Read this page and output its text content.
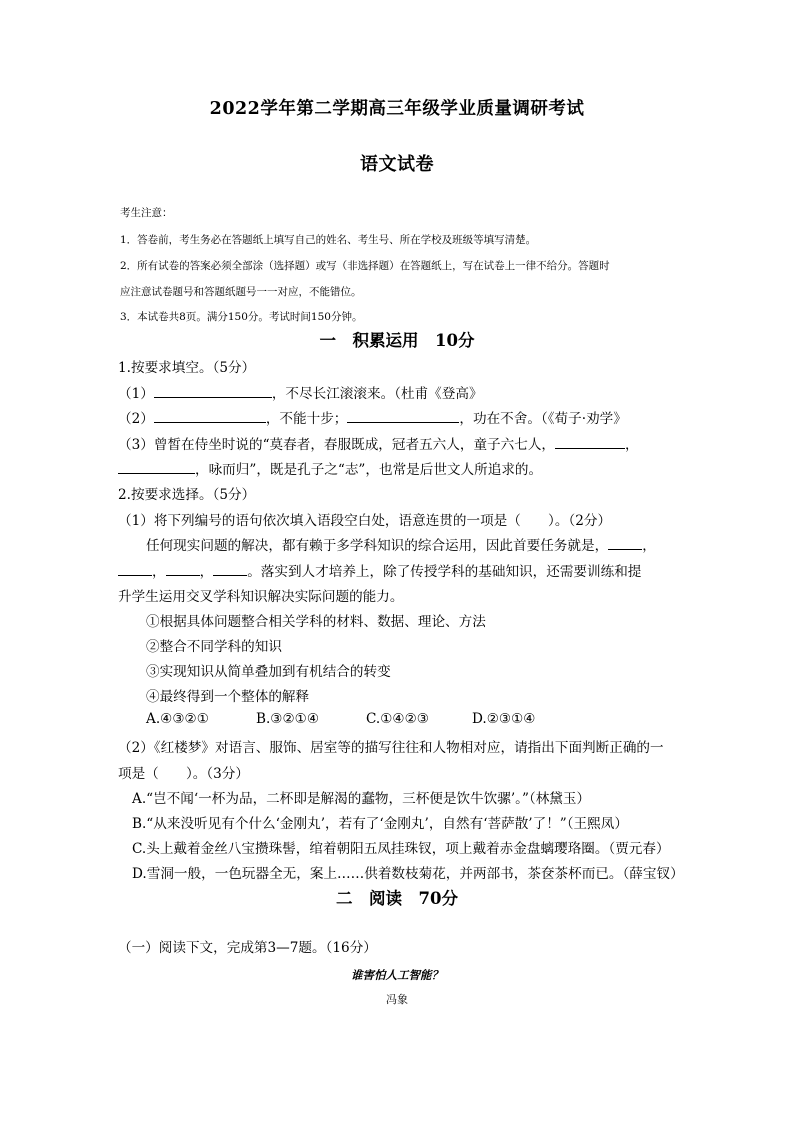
2022学年第二学期高三年级学业质量调研考试
语文试卷
考生注意：
1．答卷前，考生务必在答题纸上填写自己的姓名、考生号、所在学校及班级等填写清楚。
2．所有试卷的答案必须全部涂（选择题）或写（非选择题）在答题纸上，写在试卷上一律不给分。答题时
应注意试卷题号和答题纸题号一一对应，不能错位。
3．本试卷共8页。满分150分。考试时间150分钟。
一　积累运用　10分
1.按要求填空。（5分）
（1）	，不尽长江滚滚来。（杜甫《登高》
（2）	，不能十步；	，功在不舍。（《荀子·劝学》
（3）曾皙在侍坐时说的“莫春者，春服既成，冠者五六人，童子六七人，	，
，咏而归”，既是孔子之“志”，也常是后世文人所追求的。
2.按要求选择。（5分）
（1）将下列编号的语句依次填入语段空白处，语意连贯的一项是（　　）。（2分）
任何现实问题的解决，都有赖于多学科知识的综合运用，因此首要任务就是，	，
，	，	。落实到人才培养上，除了传授学科的基础知识，还需要训练和提
升学生运用交叉学科知识解决实际问题的能力。
①根据具体问题整合相关学科的材料、数据、理论、方法
②整合不同学科的知识
③实现知识从简单叠加到有机结合的转变
④最终得到一个整体的解释
A.④③②①	B.③②①④	C.①④②③	D.②③①④
（2）《红楼梦》对语言、服饰、居室等的描写往往和人物相对应，请指出下面判断正确的一
项是（　　）。（3分）
A.“岂不闻‘一杯为品，二杯即是解渴的蠢物，三杯便是饮牛饮骡’。”（林黛玉）
B.“从来没听见有个什么‘金刚丸’，若有了‘金刚丸’，自然有‘菩萨散’了！”（王熙凤）
C.头上戴着金丝八宝攒珠髻，绾着朝阳五凤挂珠钗，项上戴着赤金盘螭璎珞圈。（贾元春）
D.雪洞一般，一色玩器全无，案上……供着数枝菊花，并两部书，茶奁茶杯而已。（薛宝钗）
二　阅读　70分
（一）阅读下文，完成第3—7题。（16分）
谁害怕人工智能？
冯象
